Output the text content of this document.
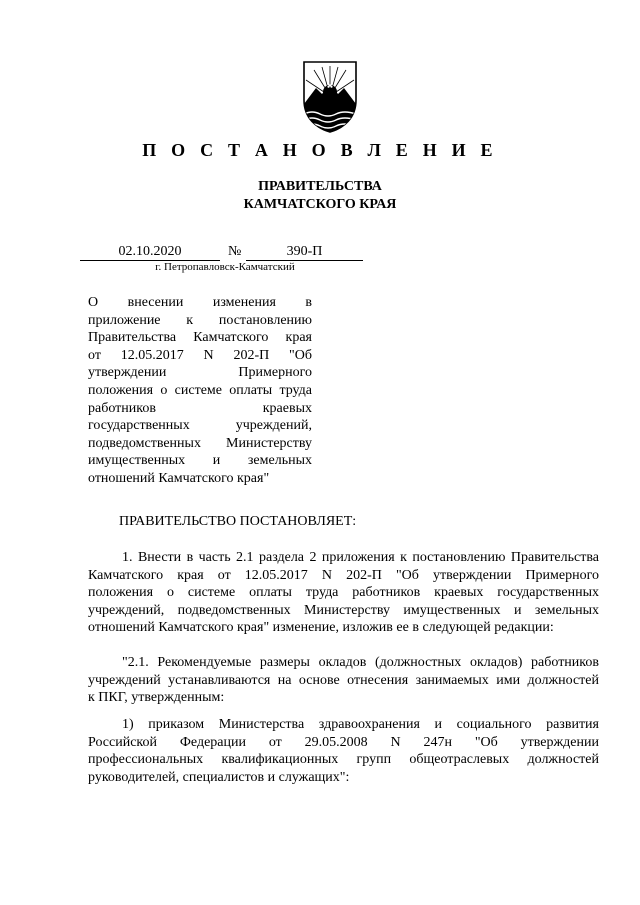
П О С Т А Н О В Л Е Н И Е
ПРАВИТЕЛЬСТВА
КАМЧАТСКОГО КРАЯ
02.10.2020	№	390-П
г. Петропавловск-Камчатский
О внесении изменения в
приложение к постановлению
Правительства Камчатского края
от 12.05.2017 N 202-П "Об
утверждении Примерного
положения о системе оплаты труда
работников краевых
государственных учреждений,
подведомственных Министерству
имущественных и земельных
отношений Камчатского края"
ПРАВИТЕЛЬСТВО ПОСТАНОВЛЯЕТ:
1. Внести в часть 2.1 раздела 2 приложения к постановлению Правительства
Камчатского края от 12.05.2017 N 202-П "Об утверждении Примерного
положения о системе оплаты труда работников краевых государственных
учреждений, подведомственных Министерству имущественных и земельных
отношений Камчатского края" изменение, изложив ее в следующей редакции:
"2.1. Рекомендуемые размеры окладов (должностных окладов) работников
учреждений устанавливаются на основе отнесения занимаемых ими должностей
к ПКГ, утвержденным:
1) приказом Министерства здравоохранения и социального развития
Российской Федерации от 29.05.2008 N 247н "Об утверждении
профессиональных квалификационных групп общеотраслевых должностей
руководителей, специалистов и служащих":
